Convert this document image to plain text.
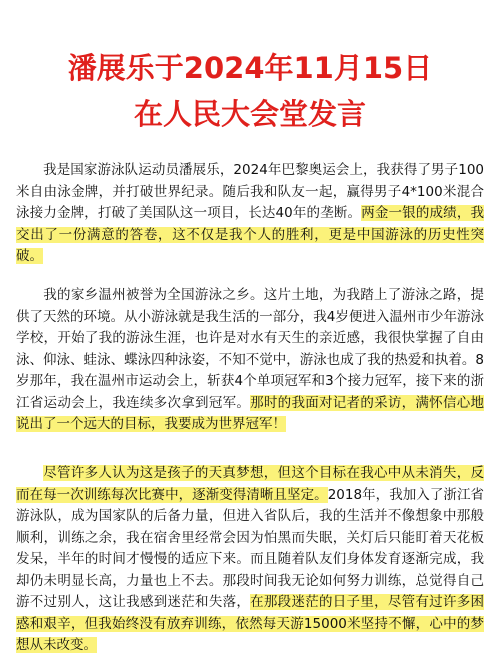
潘展乐于2024年11月15日
在人民大会堂发言
我是国家游泳队运动员潘展乐，2024年巴黎奥运会上，我获得了男子100米自由泳金牌，并打破世界纪录。随后我和队友一起，赢得男子4*100米混合泳接力金牌，打破了美国队这一项目，长达40年的垄断。两金一银的成绩，我交出了一份满意的答卷，这不仅是我个人的胜利，更是中国游泳的历史性突破。
我的家乡温州被誉为全国游泳之乡。这片土地，为我踏上了游泳之路，提供了天然的环境。从小游泳就是我生活的一部分，我4岁便进入温州市少年游泳学校，开始了我的游泳生涯，也许是对水有天生的亲近感，我很快掌握了自由泳、仰泳、蛙泳、蝶泳四种泳姿，不知不觉中，游泳也成了我的热爱和执着。8岁那年，我在温州市运动会上，斩获4个单项冠军和3个接力冠军，接下来的浙江省运动会上，我连续多次拿到冠军。那时的我面对记者的采访，满怀信心地说出了一个远大的目标，我要成为世界冠军！
尽管许多人认为这是孩子的天真梦想，但这个目标在我心中从未消失，反而在每一次训练每次比赛中，逐渐变得清晰且坚定。2018年，我加入了浙江省游泳队，成为国家队的后备力量，但进入省队后，我的生活并不像想象中那般顺利，训练之余，我在宿舍里经常会因为怕黑而失眠，关灯后只能盯着天花板发呆，半年的时间才慢慢的适应下来。而且随着队友们身体发育逐渐完成，我却仍未明显长高，力量也上不去。那段时间我无论如何努力训练，总觉得自己游不过别人，这让我感到迷茫和失落，在那段迷茫的日子里，尽管有过许多困惑和艰辛，但我始终没有放弃训练，依然每天游15000米坚持不懈，心中的梦想从未改变。
